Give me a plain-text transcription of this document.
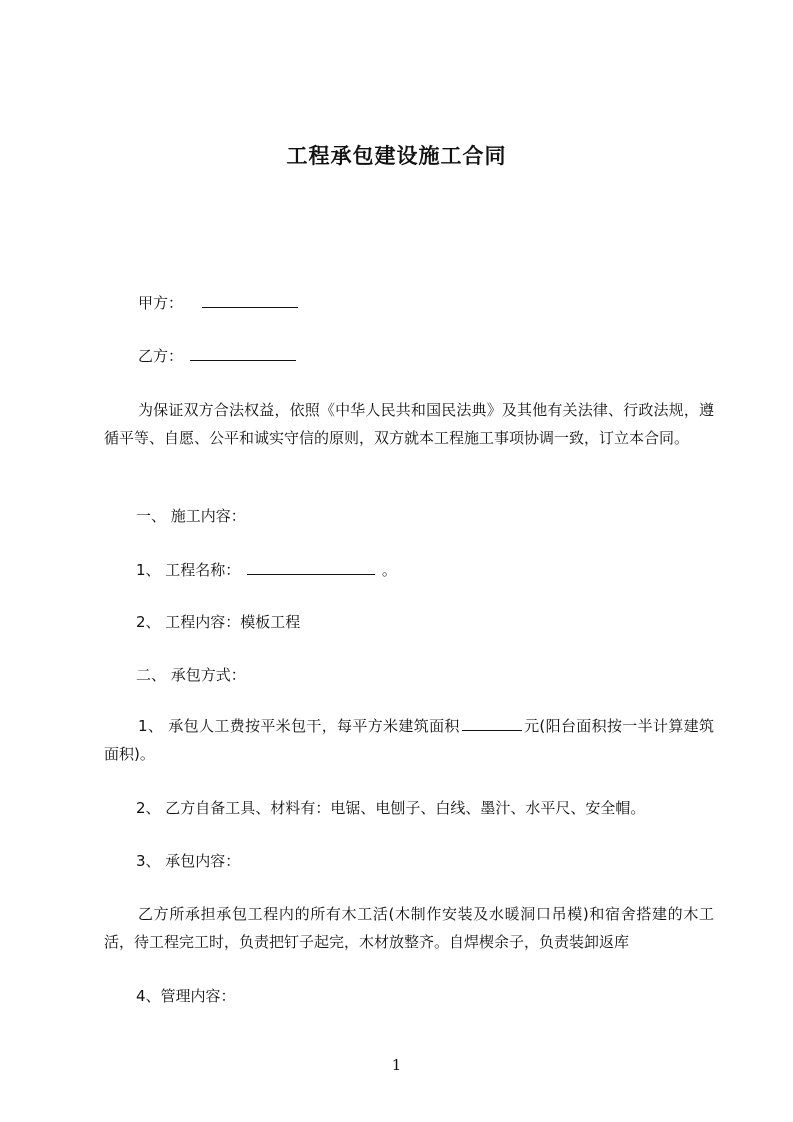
工程承包建设施工合同
甲方：
乙方：
为保证双方合法权益，依照《中华人民共和国民法典》及其他有关法律、行政法规，遵循平等、自愿、公平和诚实守信的原则，双方就本工程施工事项协调一致，订立本合同。
一、 施工内容：
1、 工程名称：	。
2、 工程内容：模板工程
二、 承包方式：
1、 承包人工费按平米包干，每平方米建筑面积	元(阳台面积按一半计算建筑面积)。
2、 乙方自备工具、材料有：电锯、电刨子、白线、墨汁、水平尺、安全帽。
3、 承包内容：
乙方所承担承包工程内的所有木工活(木制作安装及水暖洞口吊模)和宿舍搭建的木工活，待工程完工时，负责把钉子起完，木材放整齐。自焊楔余子，负责装卸返库
4、管理内容：
1
